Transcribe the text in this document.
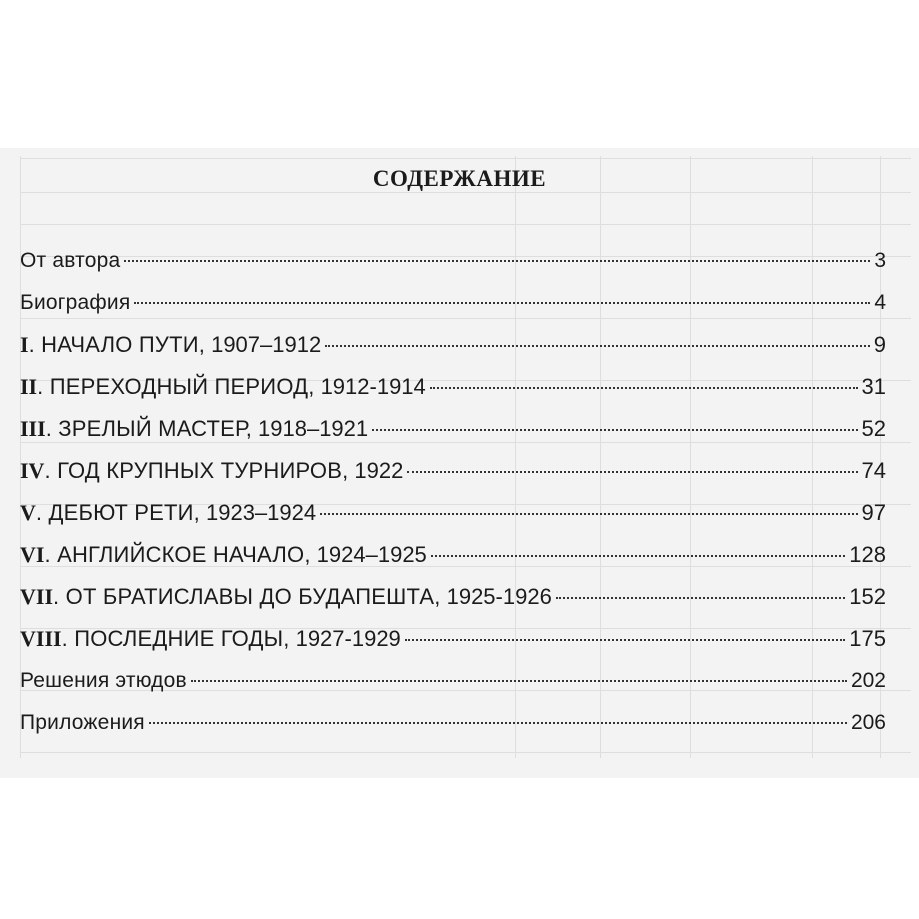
СОДЕРЖАНИЕ
От автора	3
Биография	4
I . НАЧАЛО ПУТИ, 1907–1912	9
II . ПЕРЕХОДНЫЙ ПЕРИОД, 1912-1914	31
III . ЗРЕЛЫЙ МАСТЕР, 1918–1921	52
IV . ГОД КРУПНЫХ ТУРНИРОВ, 1922	74
V . ДЕБЮТ РЕТИ, 1923–1924	97
VI . АНГЛИЙСКОЕ НАЧАЛО, 1924–1925	128
VII . ОТ БРАТИСЛАВЫ ДО БУДАПЕШТА, 1925-1926	152
VIII . ПОСЛЕДНИЕ ГОДЫ, 1927-1929	175
Решения этюдов	202
Приложения	206
